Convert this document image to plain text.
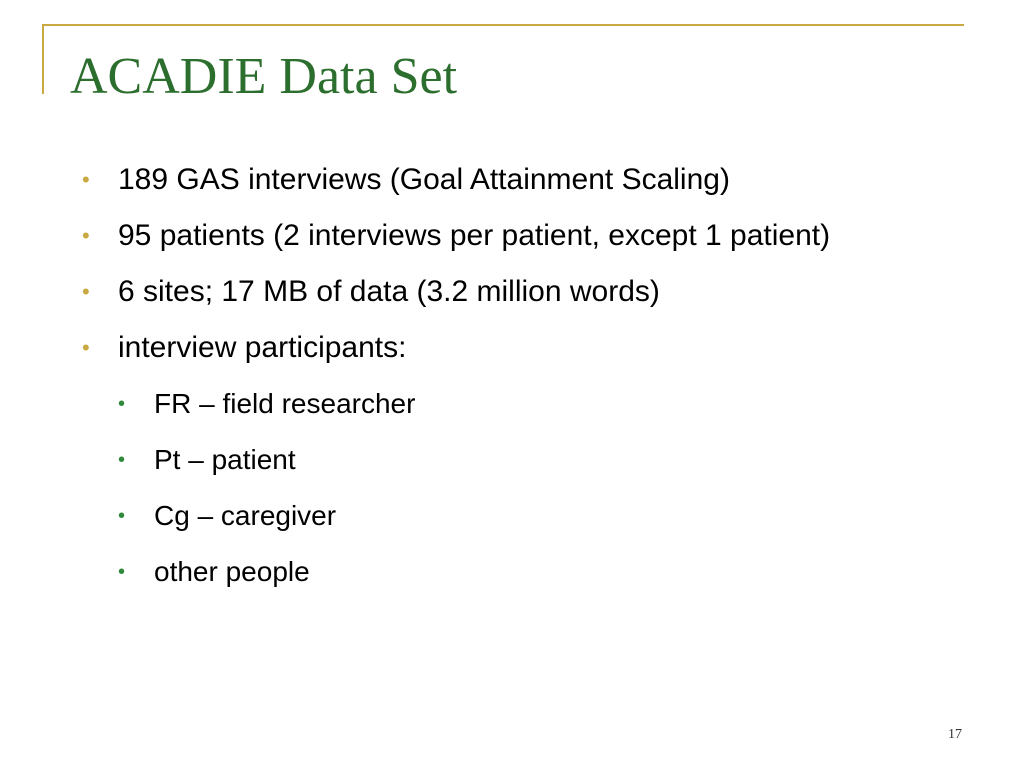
ACADIE Data Set
• 189 GAS interviews (Goal Attainment Scaling)
• 95 patients (2 interviews per patient, except 1 patient)
• 6 sites; 17 MB of data (3.2 million words)
• interview participants:
• FR – field researcher
• Pt – patient
• Cg – caregiver
• other people
17
